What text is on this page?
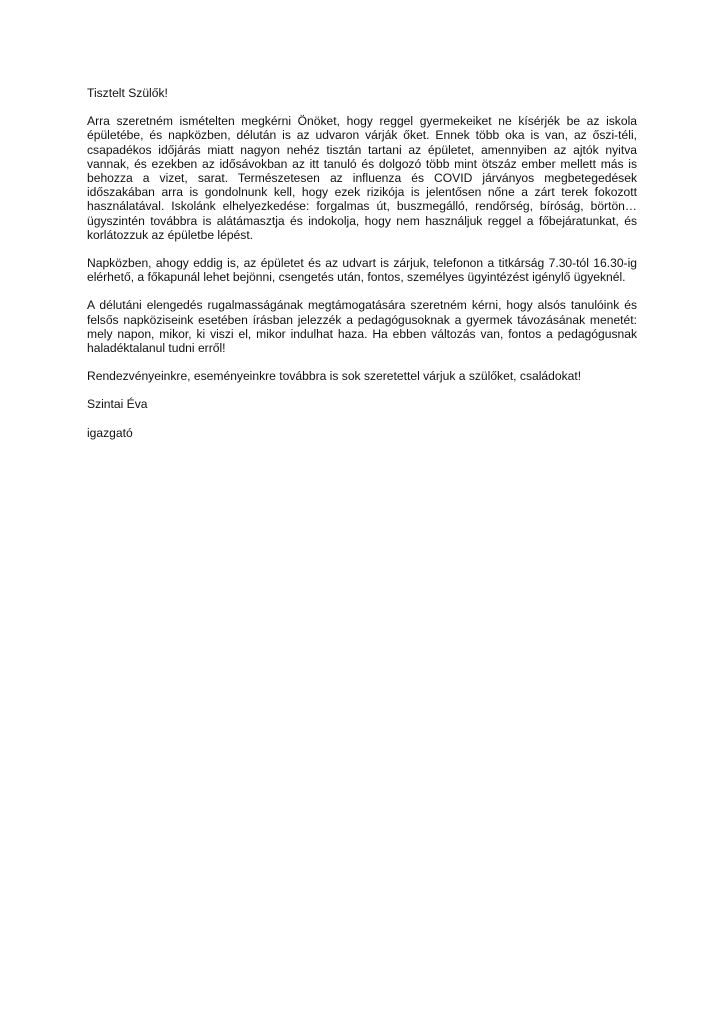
Tisztelt Szülők!

Arra szeretném ismételten megkérni Önöket, hogy reggel gyermekeiket ne kísérjék be az iskola épületébe, és napközben, délután is az udvaron várják őket. Ennek több oka is van, az őszi-téli, csapadékos időjárás miatt nagyon nehéz tisztán tartani az épületet, amennyiben az ajtók nyitva vannak, és ezekben az idősávokban az itt tanuló és dolgozó több mint ötszáz ember mellett más is behozza a vizet, sarat. Természetesen az influenza és COVID járványos megbetegedések időszakában arra is gondolnunk kell, hogy ezek rizikója is jelentősen nőne a zárt terek fokozott használatával. Iskolánk elhelyezkedése: forgalmas út, buszmegálló, rendőrség, bíróság, börtön…ügyszintén továbbra is alátámasztja és indokolja, hogy nem használjuk reggel a főbejáratunkat, és korlátozzuk az épületbe lépést.

Napközben, ahogy eddig is, az épületet és az udvart is zárjuk, telefonon a titkárság 7.30-tól 16.30-ig elérhető, a főkapunál lehet bejönni, csengetés után, fontos, személyes ügyintézést igénylő ügyeknél.

A délutáni elengedés rugalmasságának megtámogatására szeretném kérni, hogy alsós tanulóink és felsős napköziseink esetében írásban jelezzék a pedagógusoknak a gyermek távozásának menetét: mely napon, mikor, ki viszi el, mikor indulhat haza. Ha ebben változás van, fontos a pedagógusnak haladéktalanul tudni erről!

Rendezvényeinkre, eseményeinkre továbbra is sok szeretettel várjuk a szülőket, családokat!

Szintai Éva

igazgató
